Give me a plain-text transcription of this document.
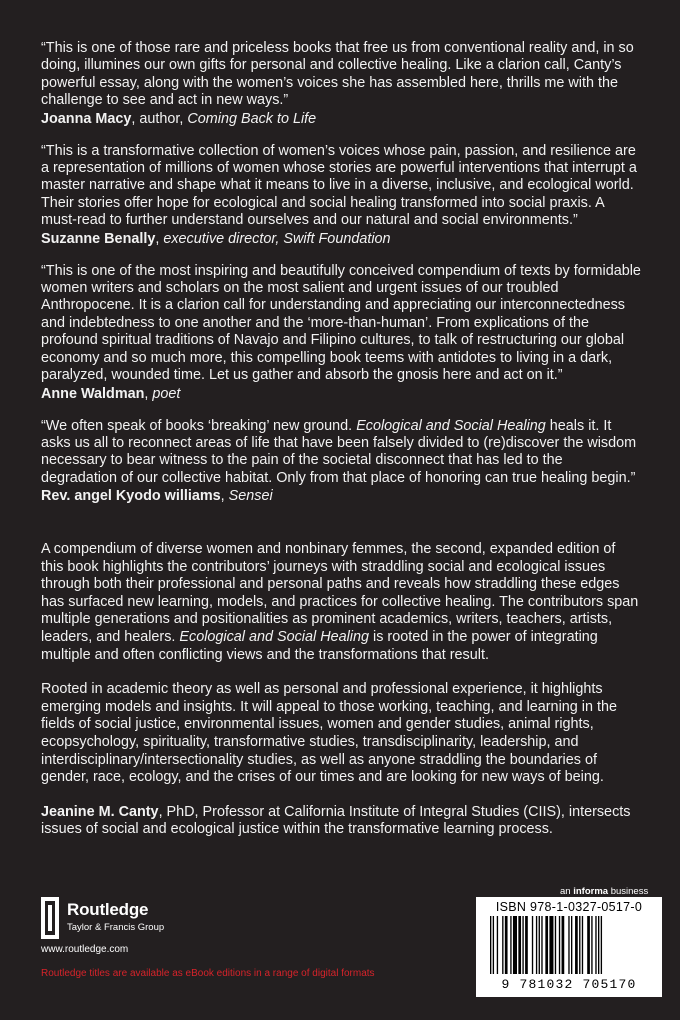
“This is one of those rare and priceless books that free us from conventional reality and, in so doing, illumines our own gifts for personal and collective healing. Like a clarion call, Canty’s powerful essay, along with the women’s voices she has assembled here, thrills me with the challenge to see and act in new ways.”

Joanna Macy, author, Coming Back to Life

“This is a transformative collection of women’s voices whose pain, passion, and resilience are a representation of millions of women whose stories are powerful interventions that interrupt a master narrative and shape what it means to live in a diverse, inclusive, and ecological world. Their stories offer hope for ecological and social healing transformed into social praxis. A must-read to further understand ourselves and our natural and social environments.”

Suzanne Benally, executive director, Swift Foundation

“This is one of the most inspiring and beautifully conceived compendium of texts by formidable women writers and scholars on the most salient and urgent issues of our troubled Anthropocene. It is a clarion call for understanding and appreciating our interconnectedness and indebtedness to one another and the ‘more-than-human’. From explications of the profound spiritual traditions of Navajo and Filipino cultures, to talk of restructuring our global economy and so much more, this compelling book teems with antidotes to living in a dark, paralyzed, wounded time. Let us gather and absorb the gnosis here and act on it.”

Anne Waldman, poet

“We often speak of books ‘breaking’ new ground. Ecological and Social Healing heals it. It asks us all to reconnect areas of life that have been falsely divided to (re)discover the wisdom necessary to bear witness to the pain of the societal disconnect that has led to the degradation of our collective habitat. Only from that place of honoring can true healing begin.”

Rev. angel Kyodo williams, Sensei

A compendium of diverse women and nonbinary femmes, the second, expanded edition of this book highlights the contributors’ journeys with straddling social and ecological issues through both their professional and personal paths and reveals how straddling these edges has surfaced new learning, models, and practices for collective healing. The contributors span multiple generations and positionalities as prominent academics, writers, teachers, artists, leaders, and healers. Ecological and Social Healing is rooted in the power of integrating multiple and often conflicting views and the transformations that result.

Rooted in academic theory as well as personal and professional experience, it highlights emerging models and insights. It will appeal to those working, teaching, and learning in the fields of social justice, environmental issues, women and gender studies, animal rights, ecopsychology, spirituality, transformative studies, transdisciplinarity, leadership, and interdisciplinary/intersectionality studies, as well as anyone straddling the boundaries of gender, race, ecology, and the crises of our times and are looking for new ways of being.

Jeanine M. Canty, PhD, Professor at California Institute of Integral Studies (CIIS), intersects issues of social and ecological justice within the transformative learning process.

Routledge
Taylor & Francis Group
www.routledge.com
Routledge titles are available as eBook editions in a range of digital formats
an informa business
ISBN 978-1-0327-0517-0
9 781032 705170
